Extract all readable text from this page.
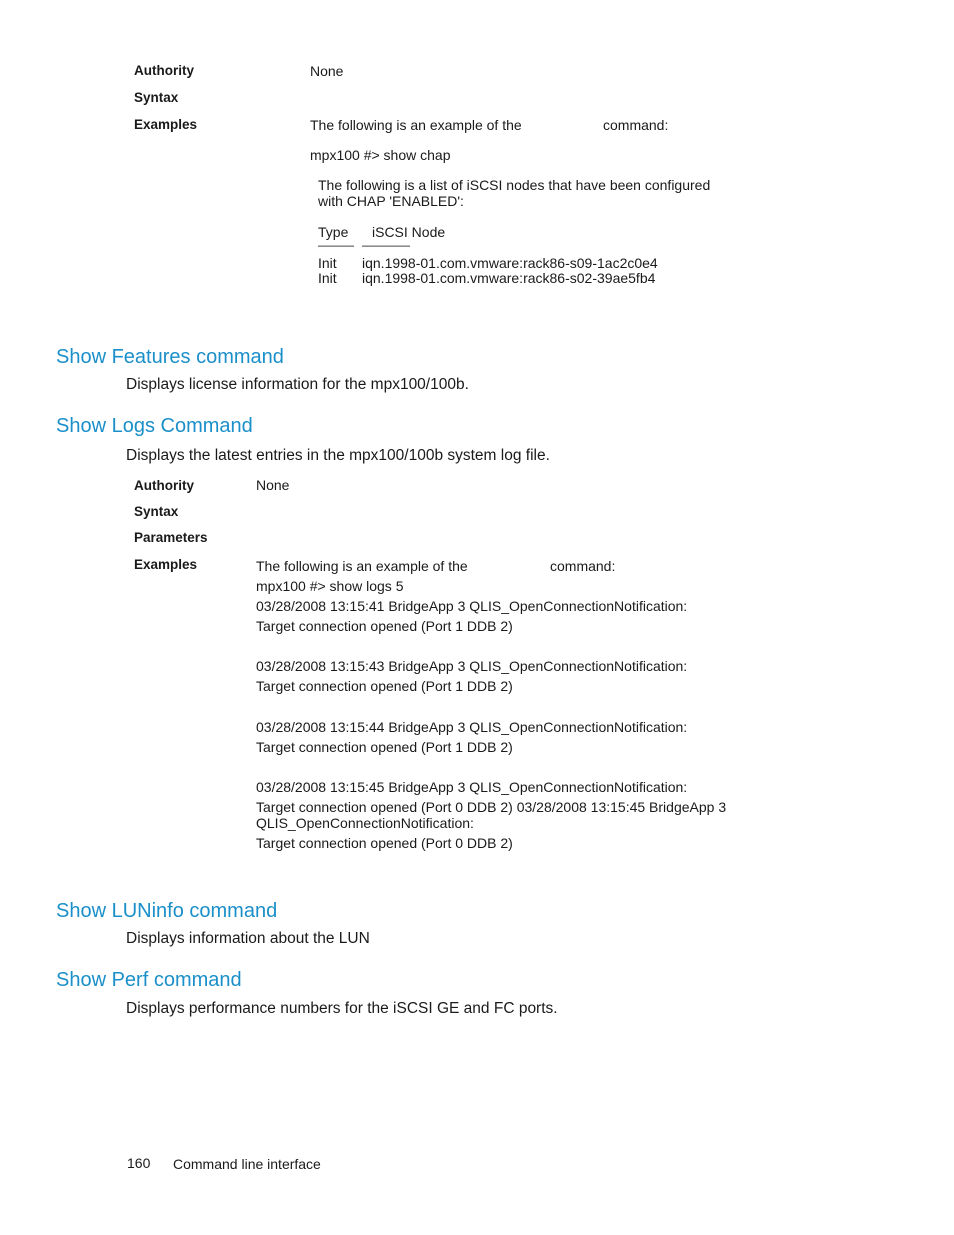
Authority	None
Syntax
Examples	The following is an example of the	command:
mpx100 #> show chap
The following is a list of iSCSI nodes that have been configured
with CHAP 'ENABLED':
Type iSCSI Node
——— ————
Init iqn.1998-01.com.vmware:rack86-s09-1ac2c0e4
Init iqn.1998-01.com.vmware:rack86-s02-39ae5fb4
Show Features command
Displays license information for the mpx100/100b.
Show Logs Command
Displays the latest entries in the mpx100/100b system log file.
Authority	None
Syntax
Parameters
Examples	The following is an example of the	command:
mpx100 #> show logs 5
03/28/2008 13:15:41 BridgeApp 3 QLIS_OpenConnectionNotification:
Target connection opened (Port 1 DDB 2)
03/28/2008 13:15:43 BridgeApp 3 QLIS_OpenConnectionNotification:
Target connection opened (Port 1 DDB 2)
03/28/2008 13:15:44 BridgeApp 3 QLIS_OpenConnectionNotification:
Target connection opened (Port 1 DDB 2)
03/28/2008 13:15:45 BridgeApp 3 QLIS_OpenConnectionNotification:
Target connection opened (Port 0 DDB 2) 03/28/2008 13:15:45 BridgeApp 3
QLIS_OpenConnectionNotification:
Target connection opened (Port 0 DDB 2)
Show LUNinfo command
Displays information about the LUN
Show Perf command
Displays performance numbers for the iSCSI GE and FC ports.
160 Command line interface
